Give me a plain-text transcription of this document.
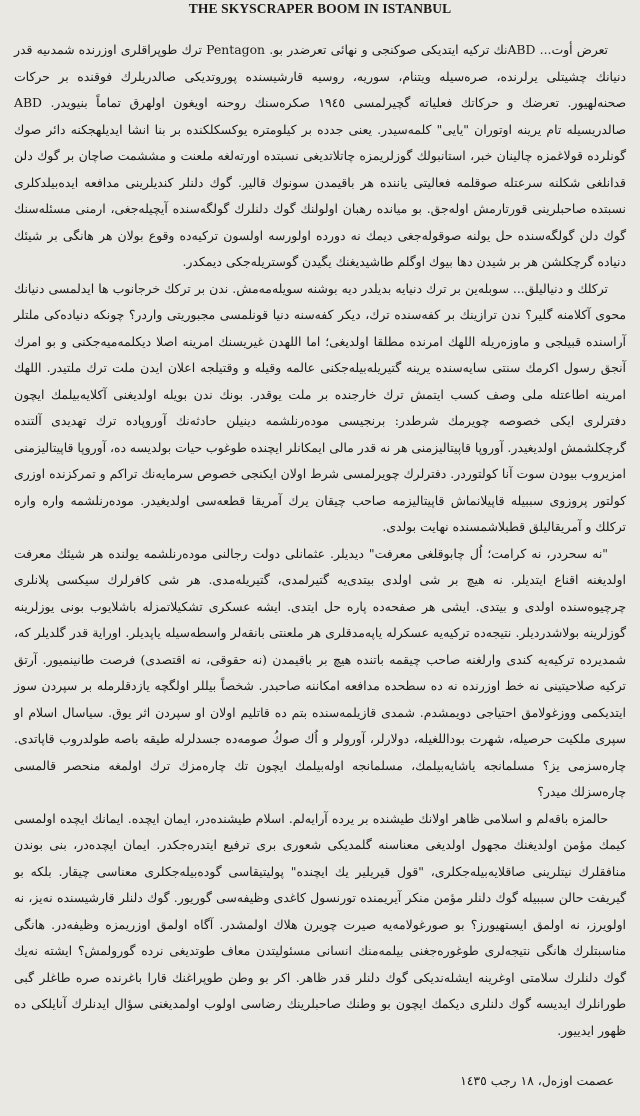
THE SKYSCRAPER BOOM IN ISTANBUL

تعرض أوت... ABDنك تركيه ايتديكى صوكنجى و نهائى تعرضدر بو. Pentagon ترك طوپراقلرى اوزرنده شمدىيه قدر دنيانك چشيتلى يرلرنده، صره‌سيله ويتنام، سوريه، روسيه قارشيسنده پوروتديكى صالدريلرك فوقنده بر حركات صحنه‌لهيور. تعرضك و حركاتك فعلياته گچيرلمسى ١٩٤٥ صكره‌سنك روحنه اويغون اولهرق تماماً بنيويدر. ABD صالدريسيله تام يرينه اوتوران "يايى" كلمه‌سيدر. يعنى جدده بر كيلومتره يوكسكلكنده بر بنا انشا ايديلهجكنه دائر صوك گونلرده قولاغمزه چالينان خبر، استانبولك گوزلريمزه چاتلاتديغى نسبتده اورته‌لغه ملعنت و مششمت صاچان بر گوك دلن قدانلغى شكلنه سرعتله صوقلمه فعاليتى ياننده هر باقيمدن سونوك قاليږ. گوك دلنلر كنديلرينى مدافعه ايده‌بيلدكلرى نسبتده صاحبلرينى قورتارمش اوله‌جق. بو ميانده رهبان اولولنك گوك دلنلرك گولگه‌سنده آيچيله‌جغى، ارمنى مسئله‌سنك گوك دلن گولگه‌سنده حل يولنه صوقوله‌جغى ديمك نه دورده اولورسه اولسون تركيه‌ده وقوع بولان هر هانگى بر شيئك دنياده گرچكلشن هر بر شيدن دها بيوك اوگلم طاشيديغنك يگيدن گوستريله‌جكى ديمكدر.

تركلك و دنياليلق... سوبله‌ين بر ترك دنيايه بديلدر ديه بوشنه سويله‌مه‌مش. ندن بر تركك خرجانوب ها ايدلمسى دنيانك محوى آكلامنه گلير؟ ندن ترازينك بر كفه‌سنده ترك، ديكر كفه‌سنه دنيا قونلمسى مجبوريتى واردر؟ چونكه دنياده‌كى ملتلر آراسنده قبيلجى و ماوزه‌ريله اللهك امرنده مطلقا اولديغى؛ اما اللهدن غيريسنك امرينه اصلا ديكلمه‌ميه‌جكنى و بو امرك آنجق رسول اكرمك سنتى سايه‌سنده يرينه گتيريله‌بيله‌جكنى عالمه وقيله و وقتيلجه اعلان ايدن ملت ترك ملتيدر. اللهك امرينه اطاعتله ملى وصف كسب ايتمش ترك خارجنده بر ملت يوقدر. بونك ندن بويله اولديغنى آكلايه‌بيلمك ايچون دفترلرى ايكى خصوصه چويرمك شرطدر: برنجيسى موده‌رنلشمه دينيلن حادثه‌نك آوروپاده ترك تهديدى آلتنده گرچكلشمش اولديغيدر. آوروپا قاپيتاليزمنى هر نه قدر مالى ايمكانلر ايچنده طوغوب حيات بولديسه ده، آوروپا قاپيتاليزمنى امزيروب بيودن سوت آنا كولتوردر. دفترلرك چويرلمسى شرط اولان ايكنجى خصوص سرمايه‌نك تراكم و تمركزنده اوزرى كولتور پروزوى سببيله قاپيلانماش قاپيتاليزمه صاحب چيقان يرك آمريقا قطعه‌سى اولديغيدر. موده‌رنلشمه واره واره تركلك و آمريقاليلق قطبلاشمسنده نهايت بولدى.

"نه سحردر، نه كرامت؛ اُل چابوقلغى معرفت" ديديلر. عثمانلى دولت رجالنى موده‌رنلشمه يولنده هر شيئك معرفت اولديغنه اقناع ايتديلر. نه هيچ بر شى اولدى بيتدى‌يه گتيرلمدى، گتيريله‌مدى. هر شى كافرلرك سيكسى پلانلرى چرچيوه‌سنده اولدى و بيتدى. ايشى هر صفحه‌ده پاره حل ايتدى. ايشه عسكرى تشكيلاتمزله باشلايوب بونى يوزلرينه گوزلرينه بولاشدرديلر. نتيجه‌ده تركيه‌يه عسكرله ياپه‌مدقلرى هر ملعنتى بانقه‌لر واسطه‌سيله ياپديلر. اوراية قدر گلديلر كه، شمديرده تركيه‌يه كندى وارلغنه صاحب چيقمه باتنده هيچ بر باقيمدن (نه حقوقى، نه اقتصدى) فرصت طانينميور. آرتق تركيه صلاحيتينى نه خط اوزرنده نه ده سطحده مدافعه امكاننه صاحبدر. شخصاً بيللر اولگچه يازدقلرمله بر سپردن سوز ايتديكمى ووزغولامق احتياجى دويمشدم. شمدى قازيلمه‌سنده بتم ده قاتليم اولان او سپردن اثر يوق. سياسال اسلام او سپرى ملكيت حرصيله، شهرت بوداللغيله، دولارلر، آورولر و اُك صوكُ صومه‌ده جسدلرله طيقه باصه طولدروب قاپاتدى. چاره‌سزمى يز؟ مسلمانجه ياشايه‌بيلمك، مسلمانجه اوله‌بيلمك ايچون تك چاره‌مزك ترك اولمغه منحصر قالمسى چاره‌سزلك ميدر؟

حالمزه باقه‌لم و اسلامى ظاهر اولانك طيشنده بر يرده آرايه‌لم. اسلام طيشنده‌در، ايمان ايچده. ايمانك ايچده اولمسى كيمك مؤمن اولديغنك مجهول اولديغى معناسنه گلمديكى شعورى برى ترفيع ايتدره‌جكدر. ايمان ايچده‌در، بنى بوندن منافقلرك نيتلرينى صاقلايه‌بيله‌جكلرى، "قول قيريلير يك ايچنده" پوليتيقاسى گوده‌بيله‌جكلرى معناسى چيقار. بلكه بو گيريفت حالن سببيله گوك دلنلر مؤمن منكر آيريمنده تورنسول كاغدى وظيفه‌سى گوريور. گوك دلنلر قارشيسنده نه‌يز، نه اولويرز، نه اولمق ايستهيورز؟ بو صورغولامه‌يه صيرت چويرن هلاك اولمشدر. آگاه اولمق اوزريمزه وظيفه‌در. هانگى مناسبتلرك هانگى نتيجه‌لرى طوغوره‌جغنى بيلمه‌منك انسانى مسئوليتدن معاف طوتديغى نرده گورولمش؟ ايشته نه‌يك گوك دلنلرك سلامتى اوغرينه ايشله‌نديكى گوك دلنلر قدر ظاهر. اكر بو وطن طوپراغنك قارا باغرنده صره طاغلر گبى طورانلرك ايديسه گوك دلنلرى ديكمك ايچون بو وطنك صاحبلرينك رضاسى اولوب اولمديغنى سؤال ايدنلرك آنايلكى ده ظهور ايدييور.

عصمت اوزەل، ١٨ رجب ١٤٣٥
